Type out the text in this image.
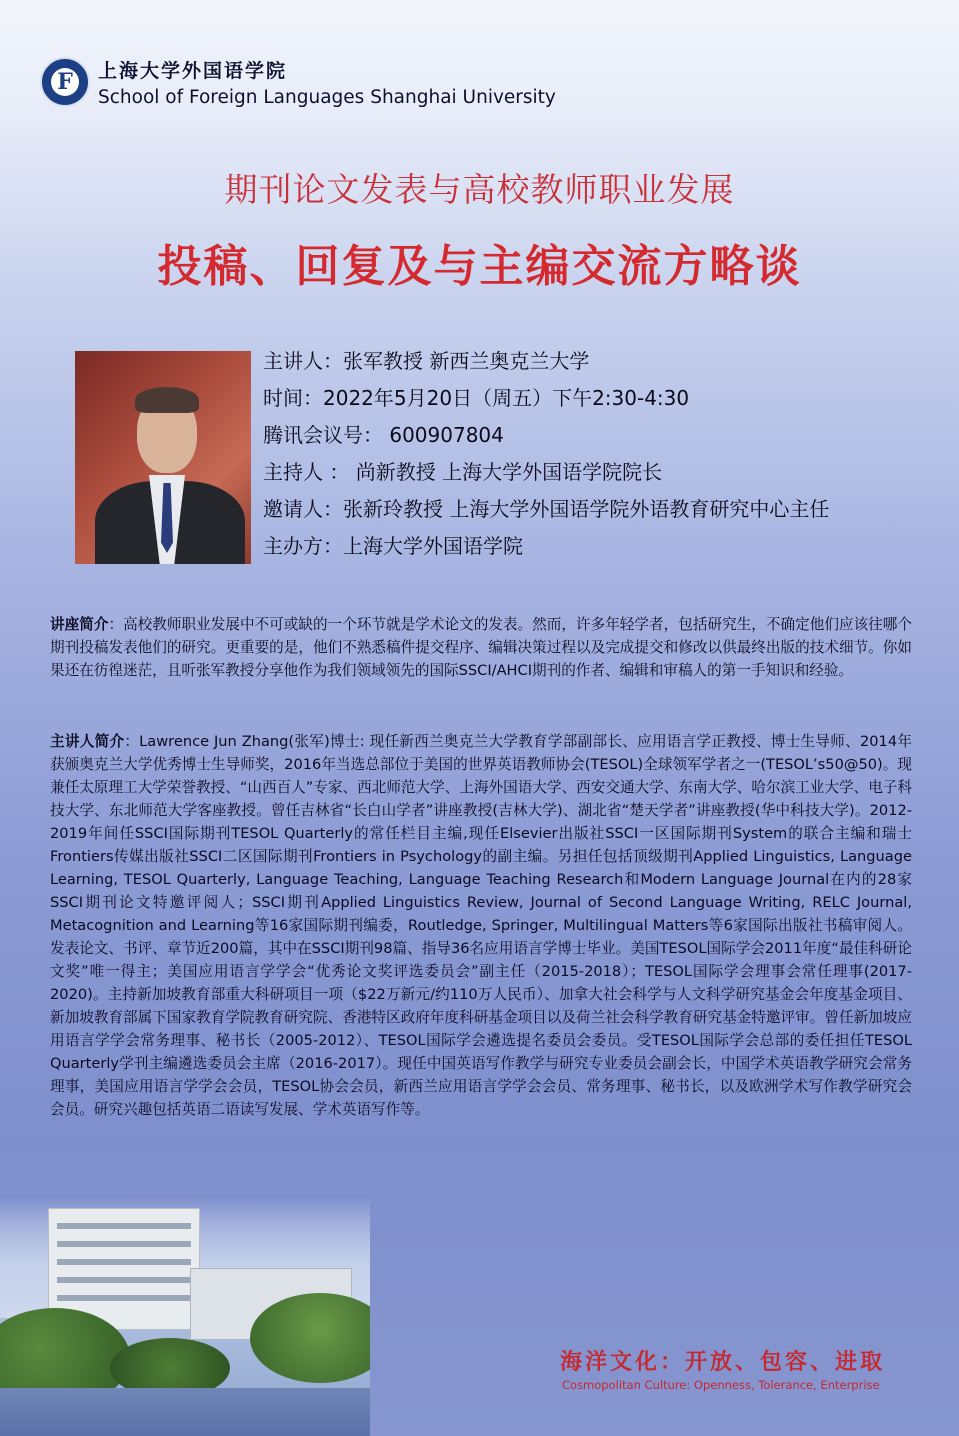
F	上海大学外国语学院
School of Foreign Languages Shanghai University
期刊论文发表与高校教师职业发展
投稿、回复及与主编交流方略谈
主讲人：张军教授 新西兰奥克兰大学
时间：2022年5月20日（周五）下午2:30-4:30
腾讯会议号： 600907804
主持人 ： 尚新教授 上海大学外国语学院院长
邀请人：张新玲教授 上海大学外国语学院外语教育研究中心主任
主办方：上海大学外国语学院
讲座简介：高校教师职业发展中不可或缺的一个环节就是学术论文的发表。然而，许多年轻学者，包括研究生，不确定他们应该往哪个期刊投稿发表他们的研究。更重要的是，他们不熟悉稿件提交程序、编辑决策过程以及完成提交和修改以供最终出版的技术细节。你如果还在彷徨迷茫，且听张军教授分享他作为我们领域领先的国际SSCI/AHCI期刊的作者、编辑和审稿人的第一手知识和经验。
主讲人简介：Lawrence Jun Zhang(张军)博士: 现任新西兰奥克兰大学教育学部副部长、应用语言学正教授、博士生导师、2014年获颁奥克兰大学优秀博士生导师奖，2016年当选总部位于美国的世界英语教师协会(TESOL)全球领军学者之一(TESOL’s50@50)。现兼任太原理工大学荣誉教授、“山西百人”专家、西北师范大学、上海外国语大学、西安交通大学、东南大学、哈尔滨工业大学、电子科技大学、东北师范大学客座教授。曾任吉林省“长白山学者”讲座教授(吉林大学)、湖北省“楚天学者”讲座教授(华中科技大学)。2012-2019年间任SSCI国际期刊TESOL Quarterly的常任栏目主编,现任Elsevier出版社SSCI一区国际期刊System的联合主编和瑞士Frontiers传媒出版社SSCI二区国际期刊Frontiers in Psychology的副主编。另担任包括顶级期刊Applied Linguistics, Language Learning, TESOL Quarterly, Language Teaching, Language Teaching Research和Modern Language Journal在内的28家SSCI期刊论文特邀评阅人；SSCI期刊Applied Linguistics Review, Journal of Second Language Writing, RELC Journal, Metacognition and Learning等16家国际期刊编委，Routledge, Springer, Multilingual Matters等6家国际出版社书稿审阅人。发表论文、书评、章节近200篇，其中在SSCI期刊98篇、指导36名应用语言学博士毕业。美国TESOL国际学会2011年度“最佳科研论文奖”唯一得主；美国应用语言学学会“优秀论文奖评选委员会”副主任（2015-2018）；TESOL国际学会理事会常任理事(2017-2020)。主持新加坡教育部重大科研项目一项（$22万新元/约110万人民币）、加拿大社会科学与人文科学研究基金会年度基金项目、新加坡教育部属下国家教育学院教育研究院、香港特区政府年度科研基金项目以及荷兰社会科学教育研究基金特邀评审。曾任新加坡应用语言学学会常务理事、秘书长（2005-2012）、TESOL国际学会遴选提名委员会委员。受TESOL国际学会总部的委任担任TESOL Quarterly学刊主编遴选委员会主席（2016-2017）。现任中国英语写作教学与研究专业委员会副会长，中国学术英语教学研究会常务理事，美国应用语言学学会会员，TESOL协会会员，新西兰应用语言学学会会员、常务理事、秘书长，以及欧洲学术写作教学研究会会员。研究兴趣包括英语二语读写发展、学术英语写作等。
海洋文化：开放、包容、进取
Cosmopolitan Culture: Openness, Tolerance, Enterprise
